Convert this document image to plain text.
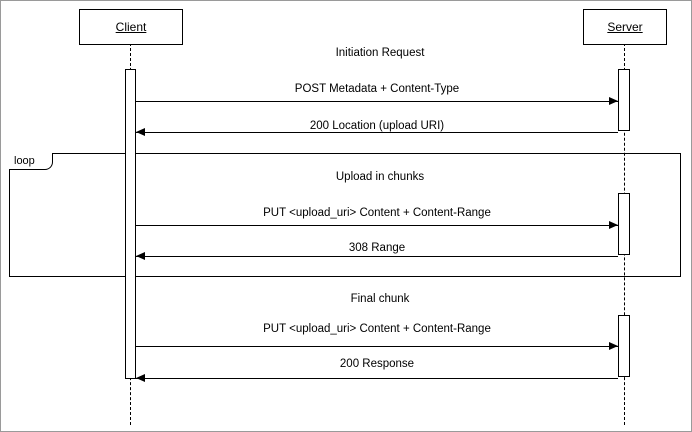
Client	Server
loop
Initiation Request
POST Metadata + Content-Type
200 Location (upload URI)
Upload in chunks
PUT <upload_uri> Content + Content-Range
308 Range
Final chunk
PUT <upload_uri> Content + Content-Range
200 Response
